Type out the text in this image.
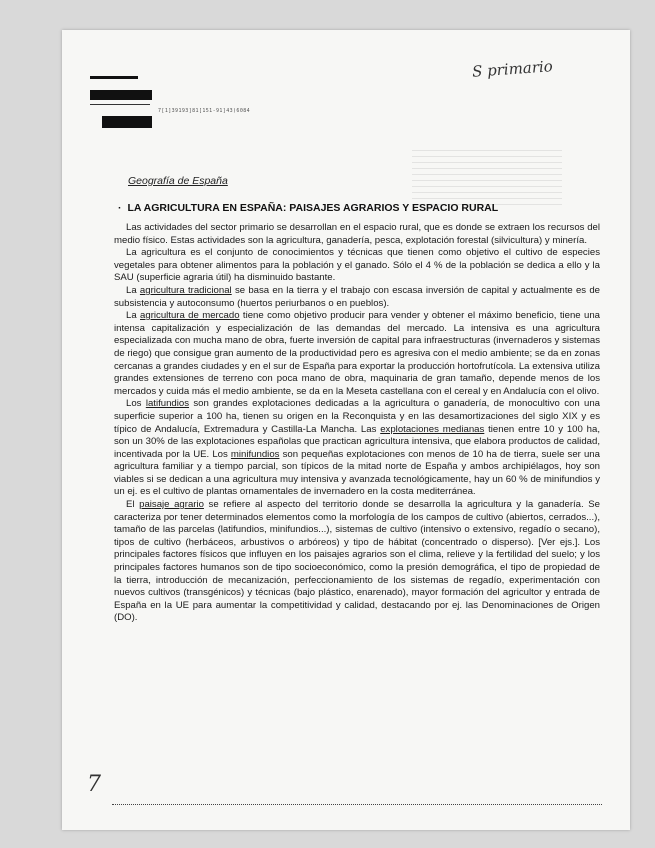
7[1]39193]81[151-91]43)6084
S primario
Geografía de España
· LA AGRICULTURA EN ESPAÑA: PAISAJES AGRARIOS Y ESPACIO RURAL

Las actividades del sector primario se desarrollan en el espacio rural, que es donde se extraen los recursos del medio físico. Estas actividades son la agricultura, ganadería, pesca, explotación forestal (silvicultura) y minería.

La agricultura es el conjunto de conocimientos y técnicas que tienen como objetivo el cultivo de especies vegetales para obtener alimentos para la población y el ganado. Sólo el 4 % de la población se dedica a ello y la SAU (superficie agraria útil) ha disminuido bastante.

La agricultura tradicional se basa en la tierra y el trabajo con escasa inversión de capital y actualmente es de subsistencia y autoconsumo (huertos periurbanos o en pueblos).

La agricultura de mercado tiene como objetivo producir para vender y obtener el máximo beneficio, tiene una intensa capitalización y especialización de las demandas del mercado. La intensiva es una agricultura especializada con mucha mano de obra, fuerte inversión de capital para infraestructuras (invernaderos y sistemas de riego) que consigue gran aumento de la productividad pero es agresiva con el medio ambiente; se da en zonas cercanas a grandes ciudades y en el sur de España para exportar la producción hortofrutícola. La extensiva utiliza grandes extensiones de terreno con poca mano de obra, maquinaria de gran tamaño, depende menos de los mercados y cuida más el medio ambiente, se da en la Meseta castellana con el cereal y en Andalucía con el olivo.

Los latifundios son grandes explotaciones dedicadas a la agricultura o ganadería, de monocultivo con una superficie superior a 100 ha, tienen su origen en la Reconquista y en las desamortizaciones del siglo XIX y es típico de Andalucía, Extremadura y Castilla-La Mancha. Las explotaciones medianas tienen entre 10 y 100 ha, son un 30% de las explotaciones españolas que practican agricultura intensiva, que elabora productos de calidad, incentivada por la UE. Los minifundios son pequeñas explotaciones con menos de 10 ha de tierra, suele ser una agricultura familiar y a tiempo parcial, son típicos de la mitad norte de España y ambos archipiélagos, hoy son viables si se dedican a una agricultura muy intensiva y avanzada tecnológicamente, hay un 60 % de minifundios y un ej. es el cultivo de plantas ornamentales de invernadero en la costa mediterránea.

El paisaje agrario se refiere al aspecto del territorio donde se desarrolla la agricultura y la ganadería. Se caracteriza por tener determinados elementos como la morfología de los campos de cultivo (abiertos, cerrados...), tamaño de las parcelas (latifundios, minifundios...), sistemas de cultivo (intensivo o extensivo, regadío o secano), tipos de cultivo (herbáceos, arbustivos o arbóreos) y tipo de hábitat (concentrado o disperso). [Ver ejs.]. Los principales factores físicos que influyen en los paisajes agrarios son el clima, relieve y la fertilidad del suelo; y los principales factores humanos son de tipo socioeconómico, como la presión demográfica, el tipo de propiedad de la tierra, introducción de mecanización, perfeccionamiento de los sistemas de regadío, experimentación con nuevos cultivos (transgénicos) y técnicas (bajo plástico, enarenado), mayor formación del agricultor y entrada de España en la UE para aumentar la competitividad y calidad, destacando por ej. las Denominaciones de Origen (DO).

7
